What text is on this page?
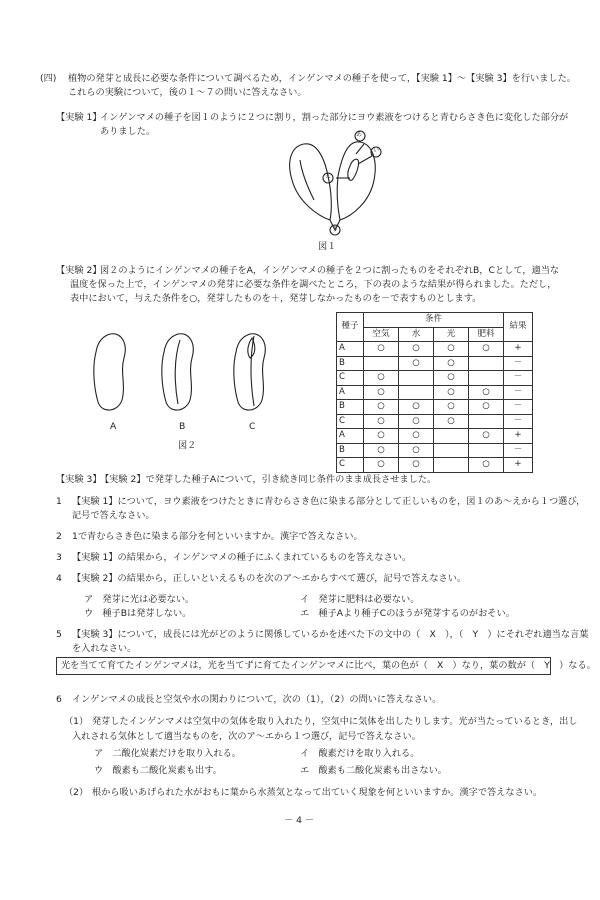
(四) 植物の発芽と成長に必要な条件について調べるため，インゲンマメの種子を使って，【実験 1】～【実験 3】を行いました。
これらの実験について，後の１～７の問いに答えなさい。
【実験 1】
インゲンマメの種子を図１のように２つに割り，割った部分にヨウ素液をつけると青むらさき色に変化した部分が
ありました。	あ
い
う
え
図１
【実験 2】
図２のようにインゲンマメの種子をA，インゲンマメの種子を２つに割ったものをそれぞれB，Cとして，適当な
温度を保った上で，インゲンマメの発芽に必要な条件を調べたところ，下の表のような結果が得られました。ただし，
表中において，与えた条件を○，発芽したものを＋，発芽しなかったものを－で表すものとします。
A	B	C
図２
種子	条件				結果
	空気	水	光	肥料	
A	○	○	○	○	+
B		○	○		－
C	○		○		－
A	○		○	○	－
B	○	○	○	○	－
C	○	○	○		－
A	○	○		○	+
B	○	○			－
C	○	○		○	+
【実験 3】
【実験 2】で発芽した種子Aについて，引き続き同じ条件のまま成長させました。
1 【実験 1】について，ヨウ素液をつけたときに青むらさき色に染まる部分として正しいものを，図１のあ～えから１つ選び，
記号で答えなさい。
2 1で青むらさき色に染まる部分を何といいますか。漢字で答えなさい。
3 【実験 1】の結果から，インゲンマメの種子にふくまれているものを答えなさい。
4 【実験 2】の結果から，正しいといえるものを次のア～エからすべて選び，記号で答えなさい。
ア　発芽に光は必要ない。	イ　発芽に肥料は必要ない。
ウ　種子Bは発芽しない。	エ　種子Aより種子Cのほうが発芽するのがおそい。
5 【実験 3】について，成長には光がどのように関係しているかを述べた下の文中の（　X　），（　Y　）にそれぞれ適当な言葉
を入れなさい。
光を当てて育てたインゲンマメは，光を当てずに育てたインゲンマメに比べ，葉の色が（　X　）なり，葉の数が（　Y　）なる。
6 インゲンマメの成長と空気や水の関わりについて，次の（1），（2）の問いに答えなさい。
（1） 発芽したインゲンマメは空気中の気体を取り入れたり，空気中に気体を出したりします。光が当たっているとき，出し
入れされる気体として適当なものを，次のア～エから１つ選び，記号で答えなさい。
ア　二酸化炭素だけを取り入れる。	イ　酸素だけを取り入れる。
ウ　酸素も二酸化炭素も出す。	エ　酸素も二酸化炭素も出さない。
（2） 根から吸いあげられた水がおもに葉から水蒸気となって出ていく現象を何といいますか。漢字で答えなさい。
－ 4 －
